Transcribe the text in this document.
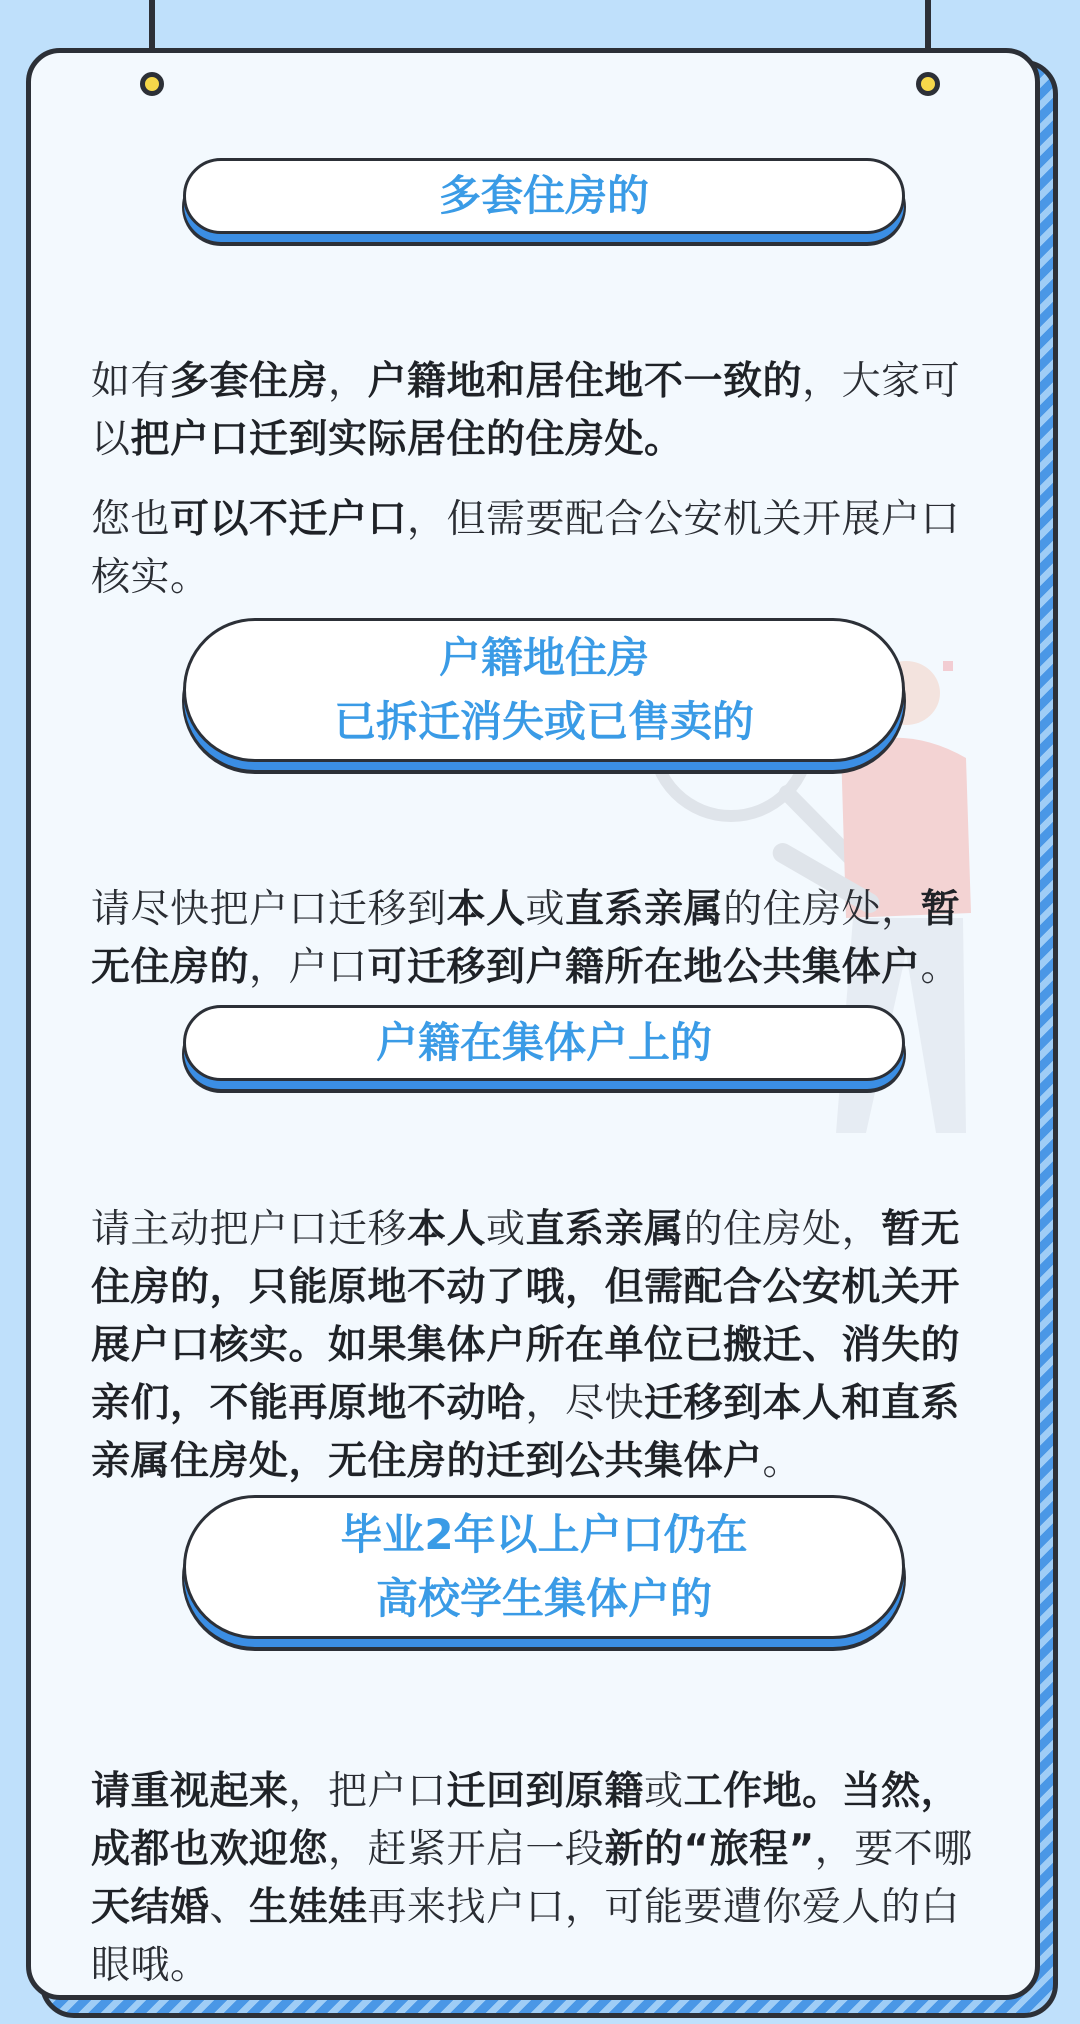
多套住房的

如有多套住房，户籍地和居住地不一致的，大家可以把户口迁到实际居住的住房处。

您也可以不迁户口，但需要配合公安机关开展户口核实。

户籍地住房
已拆迁消失或已售卖的

请尽快把户口迁移到本人或直系亲属的住房处，暂无住房的，户口可迁移到户籍所在地公共集体户。

户籍在集体户上的

请主动把户口迁移本人或直系亲属的住房处，暂无住房的，只能原地不动了哦，但需配合公安机关开展户口核实。如果集体户所在单位已搬迁、消失的亲们，不能再原地不动哈，尽快迁移到本人和直系亲属住房处，无住房的迁到公共集体户。

毕业2年以上户口仍在
高校学生集体户的

请重视起来，把户口迁回到原籍或工作地。当然，成都也欢迎您，赶紧开启一段新的“旅程”，要不哪天结婚、生娃娃再来找户口，可能要遭你爱人的白眼哦。
